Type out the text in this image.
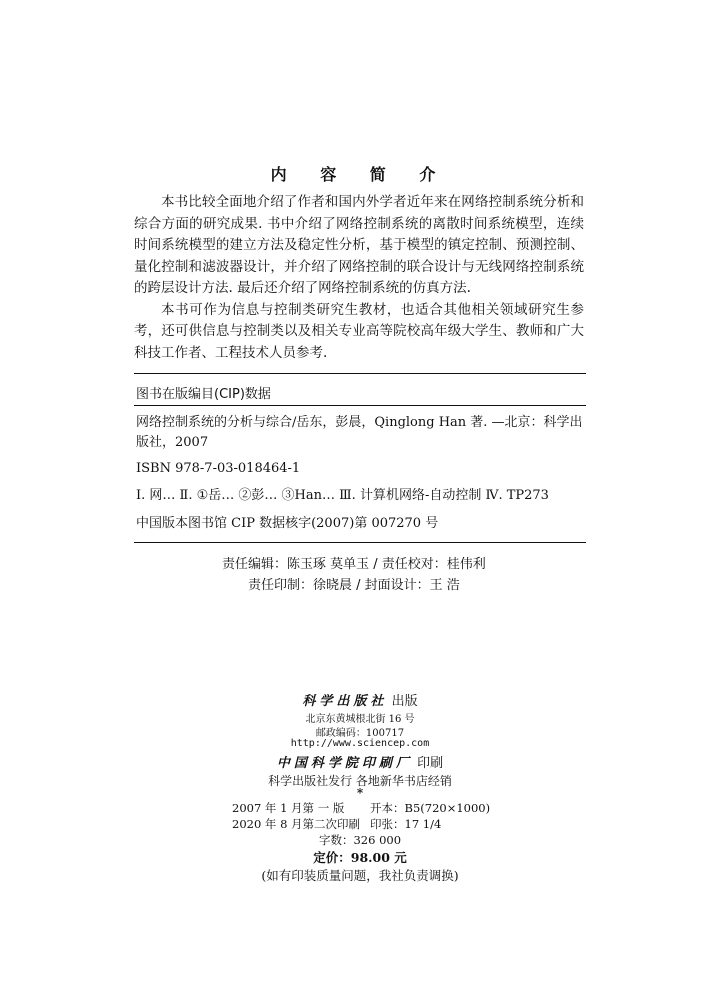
内 容 简 介

本书比较全面地介绍了作者和国内外学者近年来在网络控制系统分析和综合方面的研究成果. 书中介绍了网络控制系统的离散时间系统模型，连续时间系统模型的建立方法及稳定性分析，基于模型的镇定控制、预测控制、量化控制和滤波器设计，并介绍了网络控制的联合设计与无线网络控制系统的跨层设计方法. 最后还介绍了网络控制系统的仿真方法.

本书可作为信息与控制类研究生教材，也适合其他相关领域研究生参考，还可供信息与控制类以及相关专业高等院校高年级大学生、教师和广大科技工作者、工程技术人员参考.

图书在版编目(CIP)数据
网络控制系统的分析与综合/岳东，彭晨，Qinglong Han 著. —北京：科学出
版社，2007
ISBN 978-7-03-018464-1
Ⅰ. 网… Ⅱ. ①岳… ②彭… ③Han… Ⅲ. 计算机网络-自动控制 Ⅳ. TP273
中国版本图书馆 CIP 数据核字(2007)第 007270 号
责任编辑：陈玉琢 莫单玉 / 责任校对：桂伟利
责任印制：徐晓晨 / 封面设计：王 浩
科学出版社 出版
北京东黄城根北街 16 号
邮政编码：100717
http://www.sciencep.com
中国科学院印刷厂 印刷
科学出版社发行 各地新华书店经销
*
2007 年 1 月第 一 版 开本：B5(720×1000)
2020 年 8 月第二次印刷 印张：17 1/4
字数：326 000
定价：98.00 元
(如有印装质量问题，我社负责调换)
